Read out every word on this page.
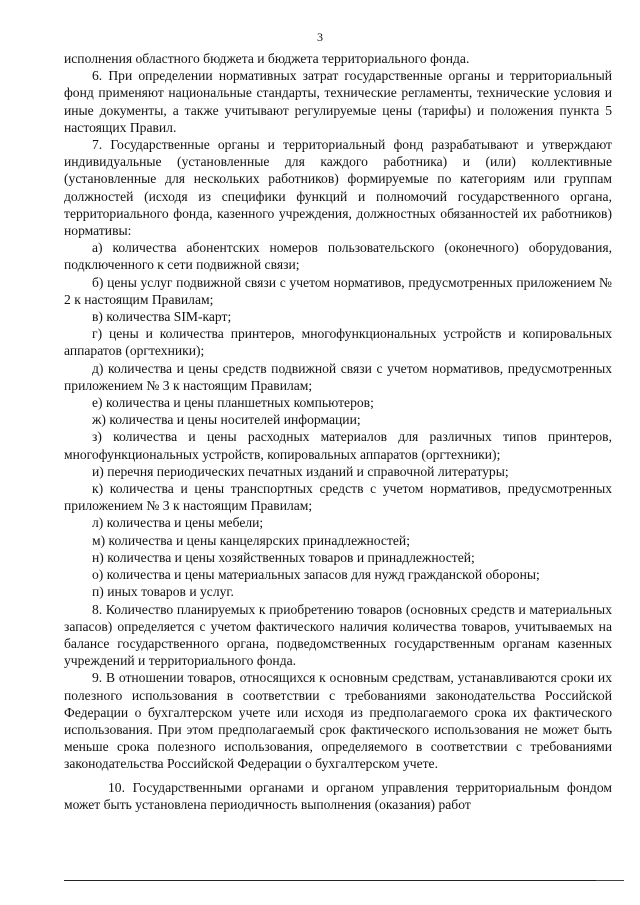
3

исполнения областного бюджета и бюджета территориального фонда.

6. При определении нормативных затрат государственные органы и территориальный фонд применяют национальные стандарты, технические регламенты, технические условия и иные документы, а также учитывают регулируемые цены (тарифы) и положения пункта 5 настоящих Правил.

7. Государственные органы и территориальный фонд разрабатывают и утверждают индивидуальные (установленные для каждого работника) и (или) коллективные (установленные для нескольких работников) формируемые по категориям или группам должностей (исходя из специфики функций и полномочий государственного органа, территориального фонда, казенного учреждения, должностных обязанностей их работников) нормативы:

а) количества абонентских номеров пользовательского (оконечного) оборудования, подключенного к сети подвижной связи;

б) цены услуг подвижной связи с учетом нормативов, предусмотренных приложением № 2 к настоящим Правилам;

в) количества SIM-карт;

г) цены и количества принтеров, многофункциональных устройств и копировальных аппаратов (оргтехники);

д) количества и цены средств подвижной связи с учетом нормативов, предусмотренных приложением № 3 к настоящим Правилам;

е) количества и цены планшетных компьютеров;

ж) количества и цены носителей информации;

з) количества и цены расходных материалов для различных типов принтеров, многофункциональных устройств, копировальных аппаратов (оргтехники);

и) перечня периодических печатных изданий и справочной литературы;

к) количества и цены транспортных средств с учетом нормативов, предусмотренных приложением № 3 к настоящим Правилам;

л) количества и цены мебели;

м) количества и цены канцелярских принадлежностей;

н) количества и цены хозяйственных товаров и принадлежностей;

о) количества и цены материальных запасов для нужд гражданской обороны;

п) иных товаров и услуг.

8. Количество планируемых к приобретению товаров (основных средств и материальных запасов) определяется с учетом фактического наличия количества товаров, учитываемых на балансе государственного органа, подведомственных государственным органам казенных учреждений и территориального фонда.

9. В отношении товаров, относящихся к основным средствам, устанавливаются сроки их полезного использования в соответствии с требованиями законодательства Российской Федерации о бухгалтерском учете или исходя из предполагаемого срока их фактического использования. При этом предполагаемый срок фактического использования не может быть меньше срока полезного использования, определяемого в соответствии с требованиями законодательства Российской Федерации о бухгалтерском учете.

10. Государственными органами и органом управления территориальным фондом может быть установлена периодичность выполнения (оказания) работ
